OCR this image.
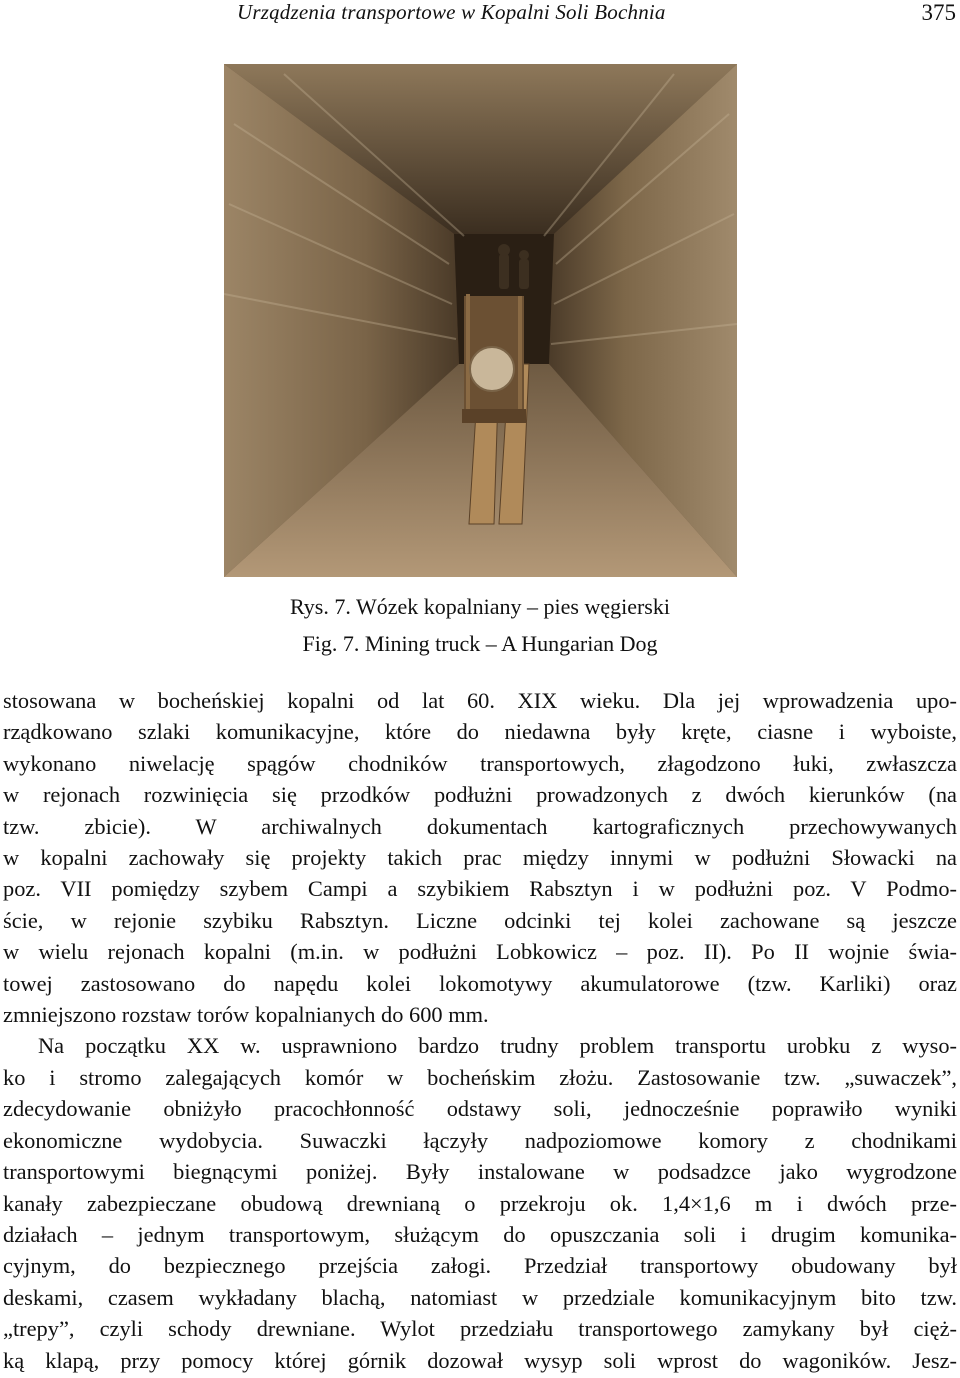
Urządzenia transportowe w Kopalni Soli Bochnia	375
Rys. 7. Wózek kopalniany – pies węgierski
Fig. 7. Mining truck – A Hungarian Dog

stosowana w bocheńskiej kopalni od lat 60. XIX wieku. Dla jej wprowadzenia upo-

rządkowano szlaki komunikacyjne, które do niedawna były kręte, ciasne i wyboiste,

wykonano niwelację spągów chodników transportowych, złagodzono łuki, zwłaszcza

w rejonach rozwinięcia się przodków podłużni prowadzonych z dwóch kierunków (na

tzw. zbicie). W archiwalnych dokumentach kartograficznych przechowywanych

w kopalni zachowały się projekty takich prac między innymi w podłużni Słowacki na

poz. VII pomiędzy szybem Campi a szybikiem Rabsztyn i w podłużni poz. V Podmo-

ście, w rejonie szybiku Rabsztyn. Liczne odcinki tej kolei zachowane są jeszcze

w wielu rejonach kopalni (m.in. w podłużni Lobkowicz – poz. II). Po II wojnie świa-

towej zastosowano do napędu kolei lokomotywy akumulatorowe (tzw. Karliki) oraz

zmniejszono rozstaw torów kopalnianych do 600 mm.

Na początku XX w. usprawniono bardzo trudny problem transportu urobku z wyso-

ko i stromo zalegających komór w bocheńskim złożu. Zastosowanie tzw. „suwaczek”,

zdecydowanie obniżyło pracochłonność odstawy soli, jednocześnie poprawiło wyniki

ekonomiczne wydobycia. Suwaczki łączyły nadpoziomowe komory z chodnikami

transportowymi biegnącymi poniżej. Były instalowane w podsadzce jako wygrodzone

kanały zabezpieczane obudową drewnianą o przekroju ok. 1,4×1,6 m i dwóch prze-

działach – jednym transportowym, służącym do opuszczania soli i drugim komunika-

cyjnym, do bezpiecznego przejścia załogi. Przedział transportowy obudowany był

deskami, czasem wykładany blachą, natomiast w przedziale komunikacyjnym bito tzw.

„trepy”, czyli schody drewniane. Wylot przedziału transportowego zamykany był cięż-

ką klapą, przy pomocy której górnik dozował wysyp soli wprost do wagoników. Jesz-
